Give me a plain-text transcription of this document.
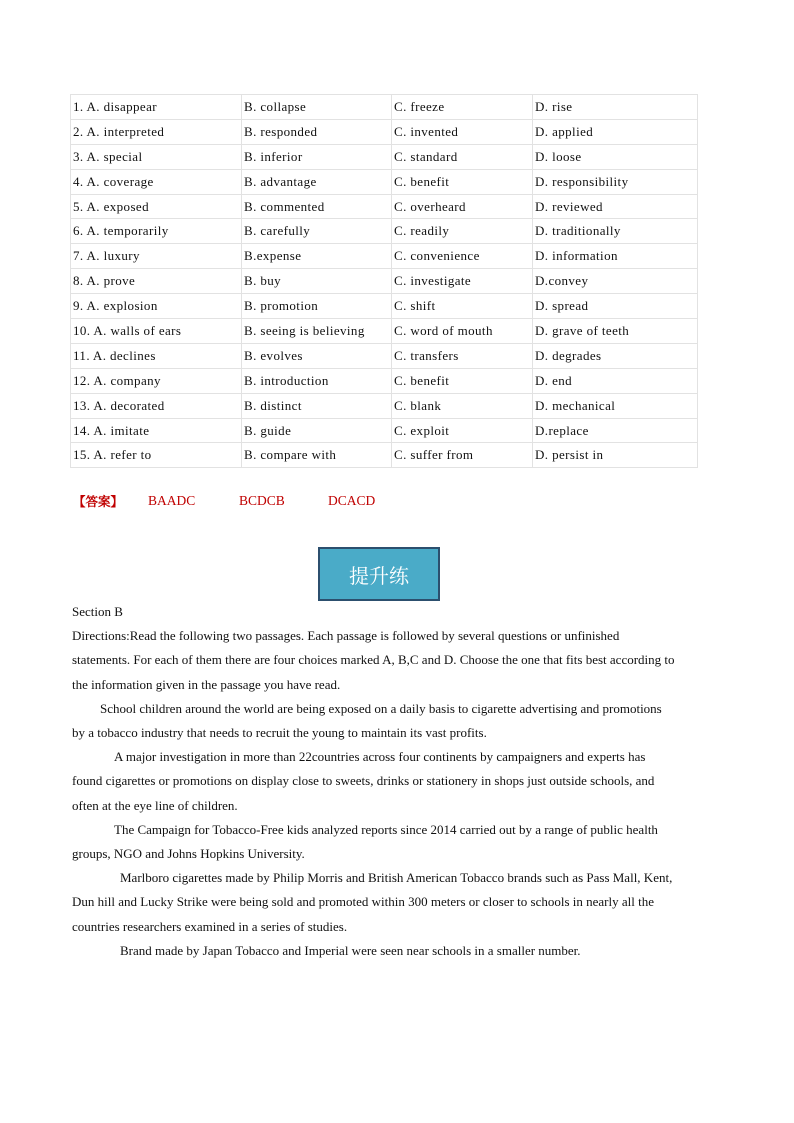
1. A. disappear	B. collapse	C. freeze	D. rise
2. A. interpreted	B. responded	C. invented	D. applied
3. A. special	B. inferior	C. standard	D. loose
4. A. coverage	B. advantage	C. benefit	D. responsibility
5. A. exposed	B. commented	C. overheard	D. reviewed
6. A. temporarily	B. carefully	C. readily	D. traditionally
7. A. luxury	B.expense	C. convenience	D. information
8. A. prove	B. buy	C. investigate	D.convey
9. A. explosion	B. promotion	C. shift	D. spread
10. A. walls of ears	B. seeing is believing	C. word of mouth	D. grave of teeth
11. A. declines	B. evolves	C. transfers	D. degrades
12. A. company	B. introduction	C. benefit	D. end
13. A. decorated	B. distinct	C. blank	D. mechanical
14. A. imitate	B. guide	C. exploit	D.replace
15. A. refer to	B. compare with	C. suffer from	D. persist in
【答案】 BAADC	BCDCB	DCACD
提升练

Section B

Directions:Read the following two passages. Each passage is followed by several questions or unfinished

statements. For each of them there are four choices marked A, B,C and D. Choose the one that fits best according to

the information given in the passage you have read.

School children around the world are being exposed on a daily basis to cigarette advertising and promotions

by a tobacco industry that needs to recruit the young to maintain its vast profits.

A major investigation in more than 22countries across four continents by campaigners and experts has

found cigarettes or promotions on display close to sweets, drinks or stationery in shops just outside schools, and

often at the eye line of children.

The Campaign for Tobacco-Free kids analyzed reports since 2014 carried out by a range of public health

groups, NGO and Johns Hopkins University.

Marlboro cigarettes made by Philip Morris and British American Tobacco brands such as Pass Mall, Kent,

Dun hill and Lucky Strike were being sold and promoted within 300 meters or closer to schools in nearly all the

countries researchers examined in a series of studies.

Brand made by Japan Tobacco and Imperial were seen near schools in a smaller number.
